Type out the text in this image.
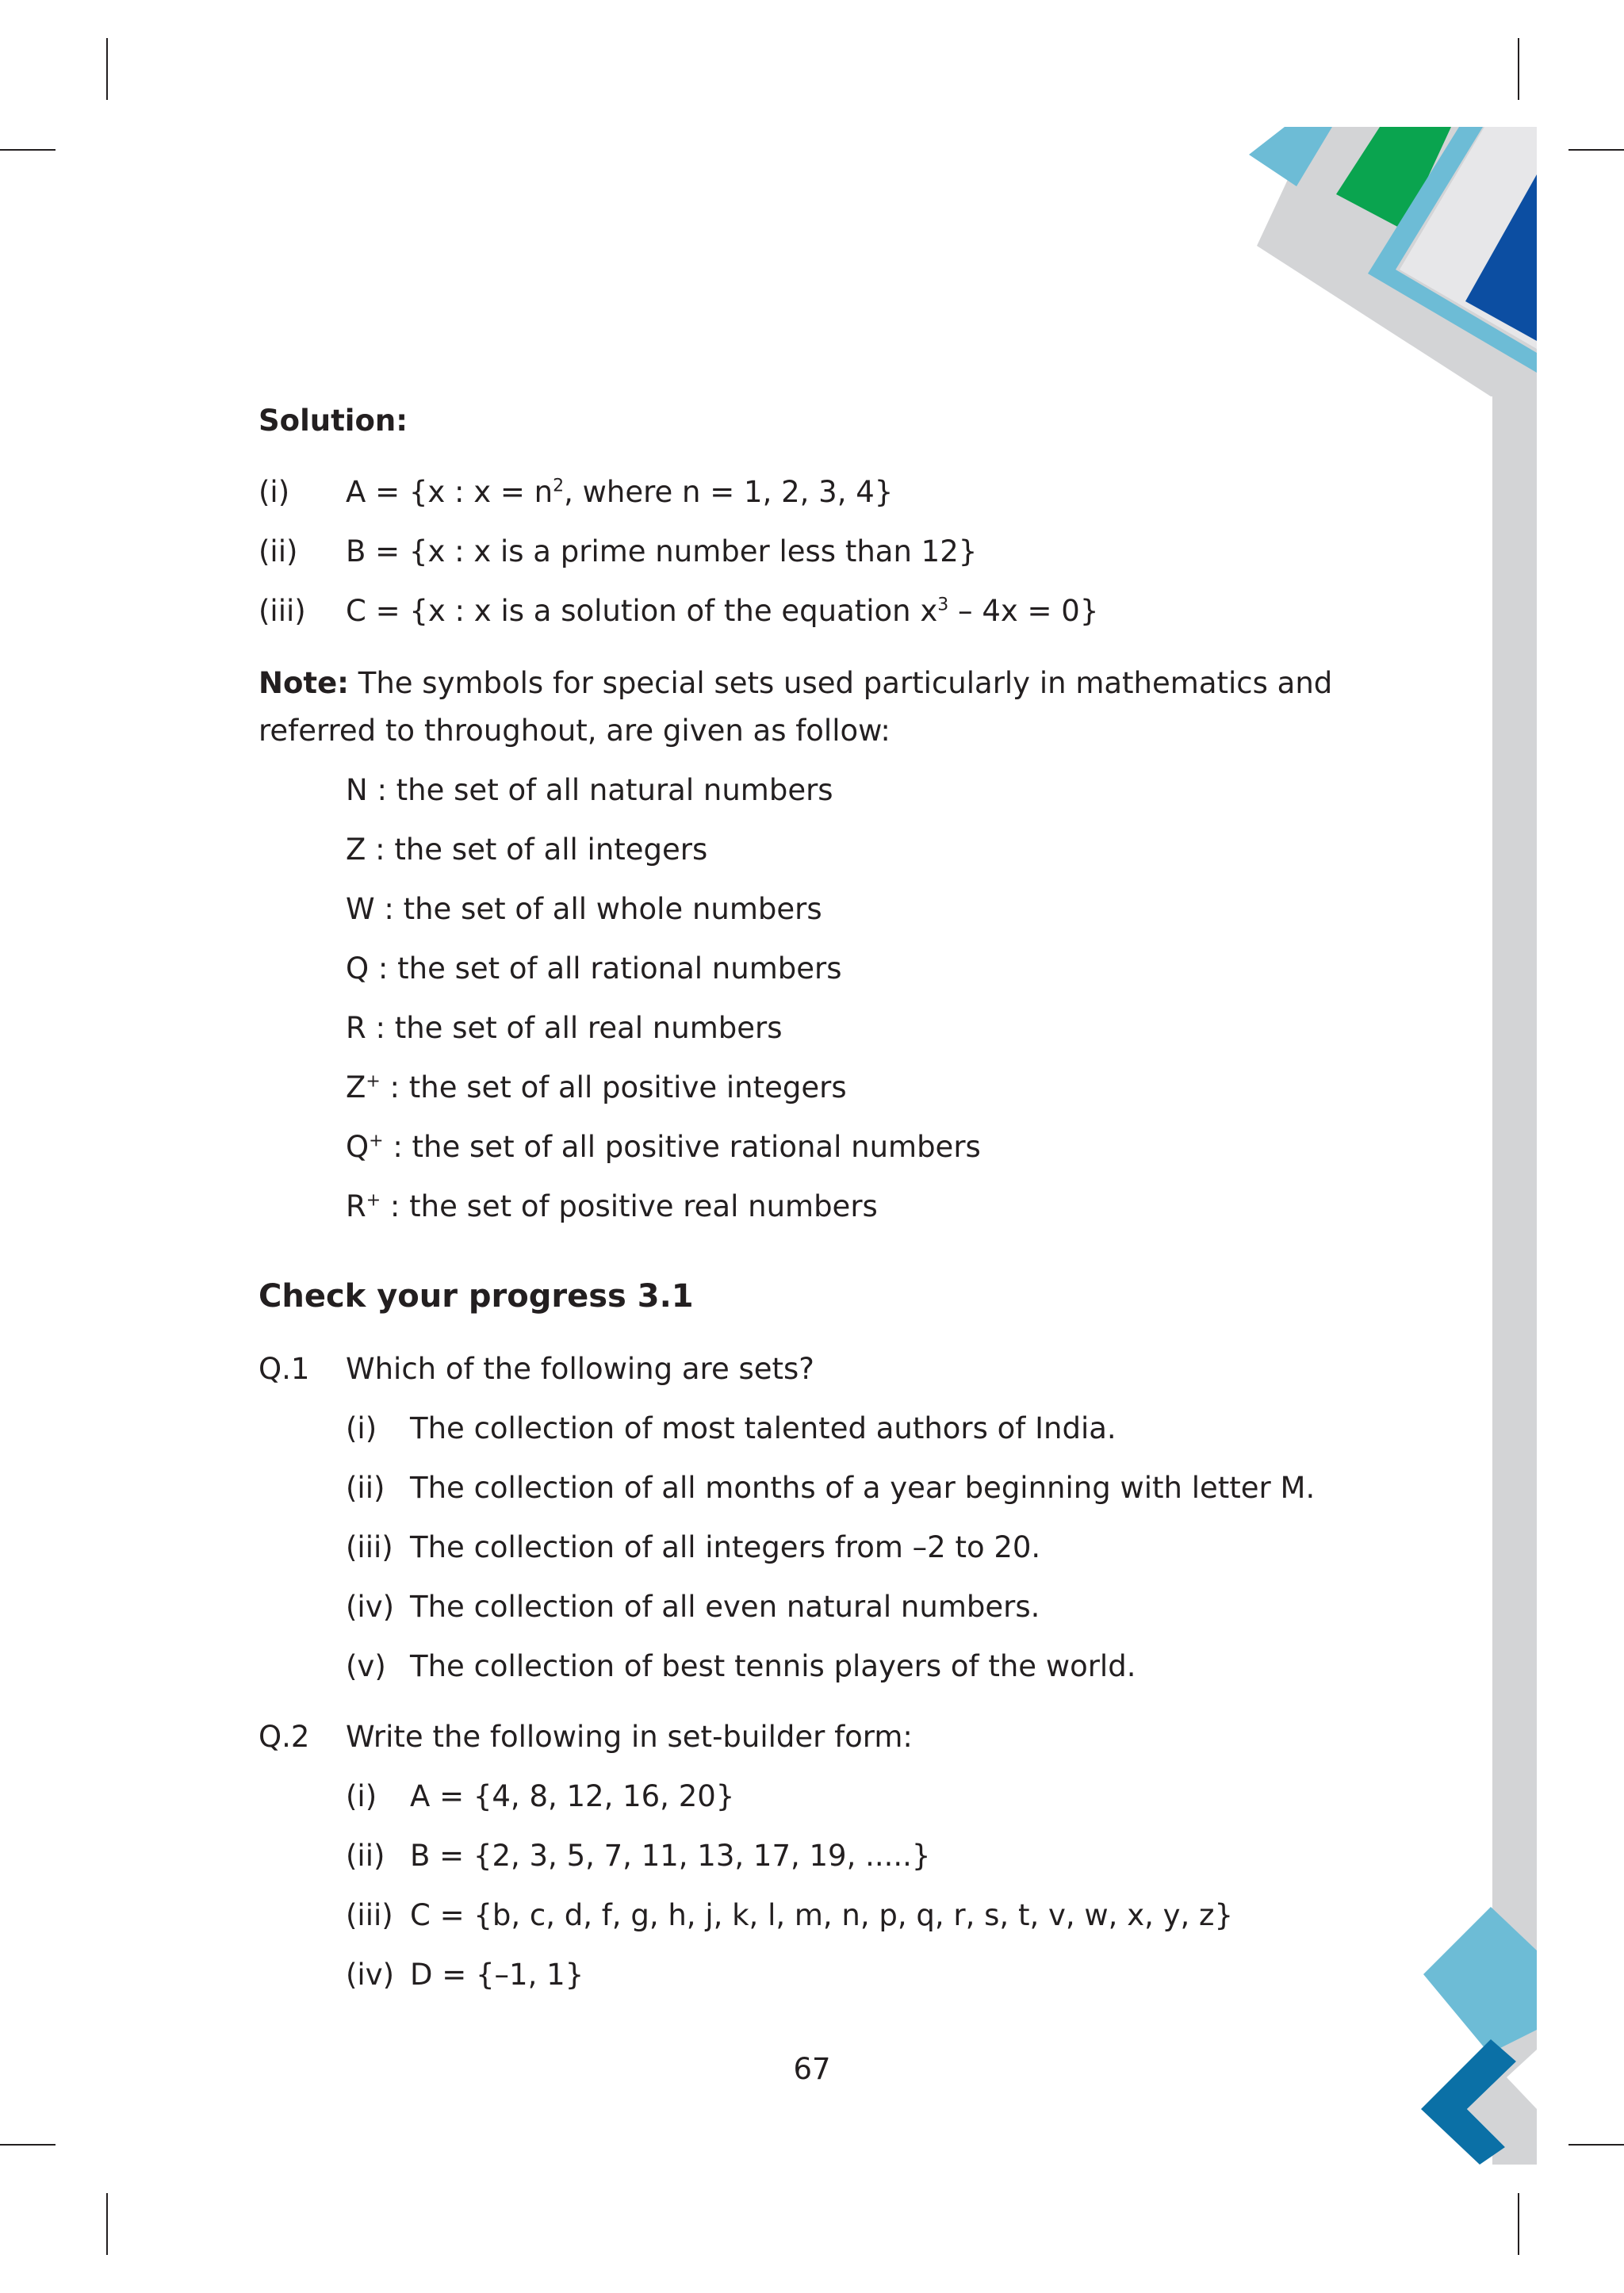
Solution:
(i) A = {x : $x = n^2$, where n = 1, 2, 3, 4}
(ii) B = {x : x is a prime number less than 12}
(iii) C = {x : x is a solution of the equation $x^3 - 4x = 0$}
Note: The symbols for special sets used particularly in mathematics and referred to throughout, are given as follow:
N : the set of all natural numbers
Z : the set of all integers
W : the set of all whole numbers
Q : the set of all rational numbers
R : the set of all real numbers
Z+ : the set of all positive integers
Q+ : the set of all positive rational numbers
R+ : the set of positive real numbers
Check your progress 3.1
Q.1 Which of the following are sets?
(i) The collection of most talented authors of India.
(ii) The collection of all months of a year beginning with letter M.
(iii) The collection of all integers from –2 to 20.
(iv) The collection of all even natural numbers.
(v) The collection of best tennis players of the world.
Q.2 Write the following in set-builder form:
(i) A = {4, 8, 12, 16, 20}
(ii) B = {2, 3, 5, 7, 11, 13, 17, 19, .....}
(iii) C = {b, c, d, f, g, h, j, k, l, m, n, p, q, r, s, t, v, w, x, y, z}
(iv) D = {–1, 1}
67
